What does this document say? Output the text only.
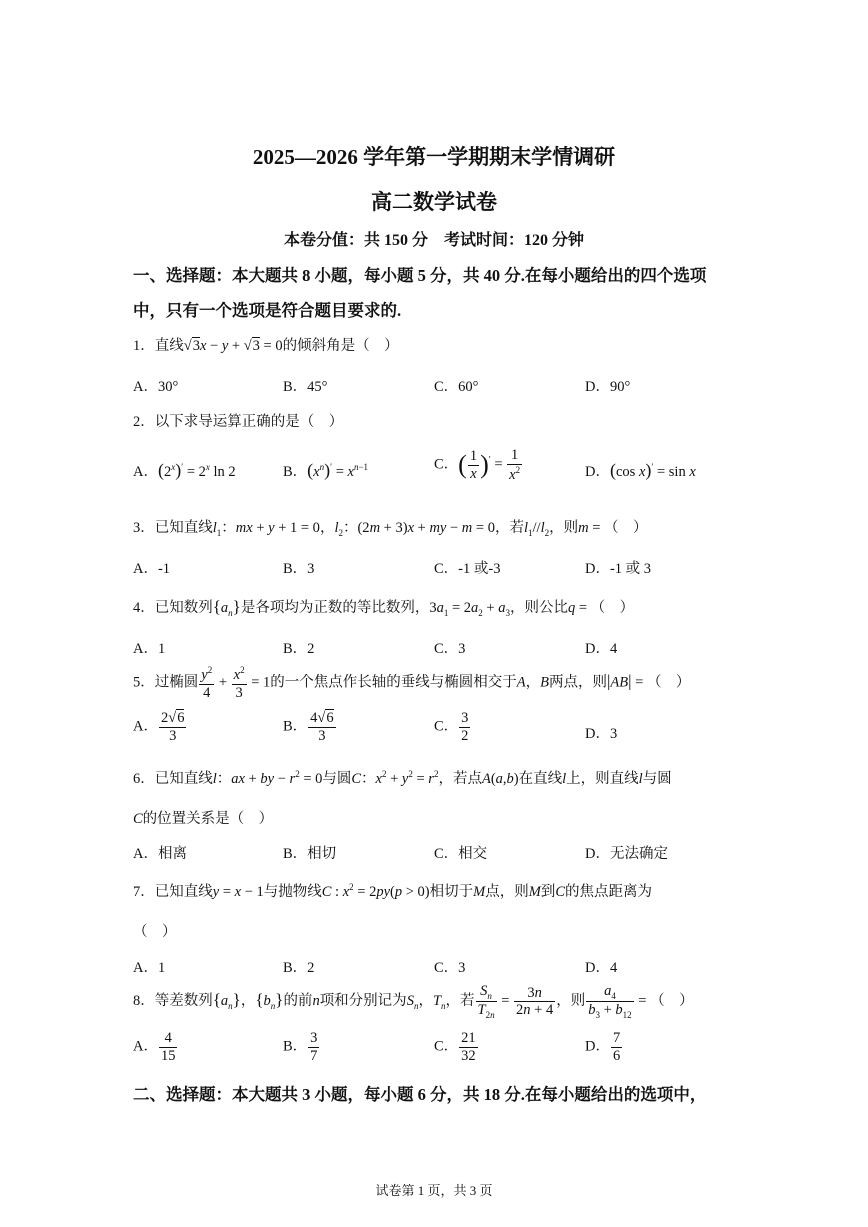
2025—2026 学年第一学期期末学情调研
高二数学试卷
本卷分值：共 150 分　考试时间：120 分钟
一、选择题：本大题共 8 小题，每小题 5 分，共 40 分.在每小题给出的四个选项
中，只有一个选项是符合题目要求的.
1．直线√3x − y + √3 = 0的倾斜角是（　）
A．30°	B．45°	C．60°	D．90°
2．以下求导运算正确的是（　）
A．$(2^x)' = 2^x$ ln 2	B．$(x^n)' = x^{n-1}$	C．( $\frac{1}{x} )' = \frac{1}{x^2}$	D．(cos x)′ = sin x
3．已知直线$l_1$：mx + y + 1 = 0，$l_2$：(2m + 3)x + my − m = 0，若$l_1//l_2$，则m = （　）
A．-1	B．3	C．-1 或-3	D．-1 或 3
4．已知数列$\{a_n\}$是各项均为正数的等比数列，$3a_1 = 2a_2 + a_3$，则公比q = （　）
A．1	B．2	C．3	D．4
5．过椭圆 $\frac{y^2}{4} + \frac{x^2}{3} = 1$的一个焦点作长轴的垂线与椭圆相交于A，B两点，则|AB| = （　）
A． $\frac{2√6}{3}$	B． $\frac{4√6}{3}$	C． $\frac{3}{2}$	D．3
6．已知直线l：ax + by − $r^2 = 0$与圆C：$x^2 + y^2 = r^2$，若点A(a,b)在直线l上，则直线l与圆
C的位置关系是（　）
A．相离	B．相切	C．相交	D．无法确定
7．已知直线y = x − 1与抛物线C : $x^2 = 2py(p > 0)$相切于M点，则M到C的焦点距离为
（　）
A．1	B．2	C．3	D．4
8．等差数列$\{a_n\}$，$\{b_n\}$的前n项和分别记为$S_n$，$T_n$，若 $\frac{S_n}{T_{2n}} = \frac{3n}{2n + 4}$ ，则 $\frac{a_4}{b_3 + b_{12}}$ = （　）
A． $\frac{4}{15}$	B． $\frac{3}{7}$	C． $\frac{21}{32}$	D． $\frac{7}{6}$
二、选择题：本大题共 3 小题，每小题 6 分，共 18 分.在每小题给出的选项中，
试卷第 1 页，共 3 页
